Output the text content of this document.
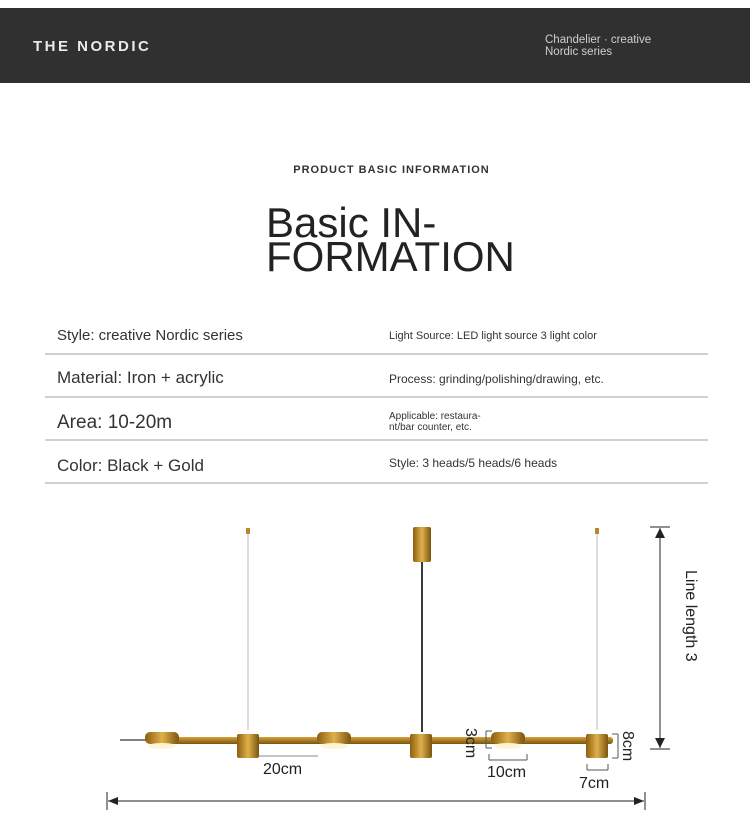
THE NORDIC	Chandelier · creative Nordic series
PRODUCT BASIC INFORMATION
Basic IN-
FORMATION
Style: creative Nordic series	Light Source: LED light source 3 light color
Material: Iron + acrylic	Process: grinding/polishing/drawing, etc.
Area: 10-20m	Applicable: restaura-
nt/bar counter, etc.
Color: Black + Gold	Style: 3 heads/5 heads/6 heads
Line length 3
20cm
3cm
10cm
8cm
7cm
